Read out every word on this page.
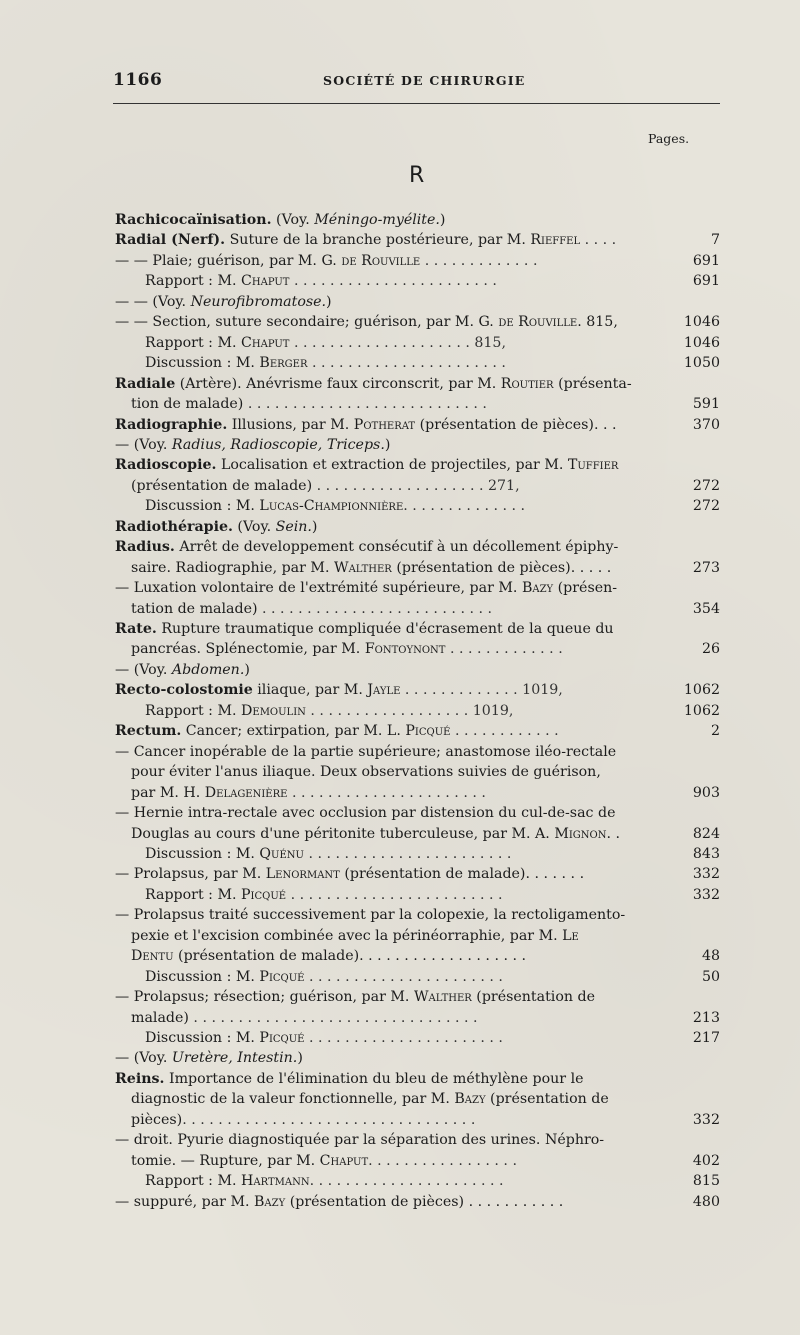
1166	SOCIÉTÉ DE CHIRURGIE
Pages.
R
Rachicocaïnisation. (Voy. Méningo-myélite.)
Radial (Nerf). Suture de la branche postérieure, par M. Rieffel . . . .	7
— — Plaie; guérison, par M. G. de Rouville . . . . . . . . . . . . .	691
Rapport : M. Chaput . . . . . . . . . . . . . . . . . . . . . . .	691
— — (Voy. Neurofibromatose.)
— — Section, suture secondaire; guérison, par M. G. de Rouville. 815,	1046
Rapport : M. Chaput . . . . . . . . . . . . . . . . . . . . 815,	1046
Discussion : M. Berger . . . . . . . . . . . . . . . . . . . . . .	1050
Radiale (Artère). Anévrisme faux circonscrit, par M. Routier (présenta-
tion de malade) . . . . . . . . . . . . . . . . . . . . . . . . . . .	591
Radiographie. Illusions, par M. Potherat (présentation de pièces). . .	370
— (Voy. Radius, Radioscopie, Triceps.)
Radioscopie. Localisation et extraction de projectiles, par M. Tuffier
(présentation de malade) . . . . . . . . . . . . . . . . . . . 271,	272
Discussion : M. Lucas-Championnière. . . . . . . . . . . . . .	272
Radiothérapie. (Voy. Sein.)
Radius. Arrêt de developpement consécutif à un décollement épiphy-
saire. Radiographie, par M. Walther (présentation de pièces). . . . .	273
— Luxation volontaire de l'extrémité supérieure, par M. Bazy (présen-
tation de malade) . . . . . . . . . . . . . . . . . . . . . . . . . .	354
Rate. Rupture traumatique compliquée d'écrasement de la queue du
pancréas. Splénectomie, par M. Fontoynont . . . . . . . . . . . . .	26
— (Voy. Abdomen.)
Recto-colostomie iliaque, par M. Jayle . . . . . . . . . . . . . 1019,	1062
Rapport : M. Demoulin . . . . . . . . . . . . . . . . . . 1019,	1062
Rectum. Cancer; extirpation, par M. L. Picqué . . . . . . . . . . . .	2
— Cancer inopérable de la partie supérieure; anastomose iléo-rectale
pour éviter l'anus iliaque. Deux observations suivies de guérison,
par M. H. Delagenière . . . . . . . . . . . . . . . . . . . . . .	903
— Hernie intra-rectale avec occlusion par distension du cul-de-sac de
Douglas au cours d'une péritonite tuberculeuse, par M. A. Mignon. .	824
Discussion : M. Quénu . . . . . . . . . . . . . . . . . . . . . . .	843
— Prolapsus, par M. Lenormant (présentation de malade). . . . . . .	332
Rapport : M. Picqué . . . . . . . . . . . . . . . . . . . . . . . .	332
— Prolapsus traité successivement par la colopexie, la rectoligamento-
pexie et l'excision combinée avec la périnéorraphie, par M. Le
Dentu (présentation de malade). . . . . . . . . . . . . . . . . . .	48
Discussion : M. Picqué . . . . . . . . . . . . . . . . . . . . . .	50
— Prolapsus; résection; guérison, par M. Walther (présentation de
malade) . . . . . . . . . . . . . . . . . . . . . . . . . . . . . . . .	213
Discussion : M. Picqué . . . . . . . . . . . . . . . . . . . . . .	217
— (Voy. Uretère, Intestin.)
Reins. Importance de l'élimination du bleu de méthylène pour le
diagnostic de la valeur fonctionnelle, par M. Bazy (présentation de
pièces). . . . . . . . . . . . . . . . . . . . . . . . . . . . . . . . .	332
— droit. Pyurie diagnostiquée par la séparation des urines. Néphro-
tomie. — Rupture, par M. Chaput. . . . . . . . . . . . . . . . .	402
Rapport : M. Hartmann. . . . . . . . . . . . . . . . . . . . . .	815
— suppuré, par M. Bazy (présentation de pièces) . . . . . . . . . . .	480
